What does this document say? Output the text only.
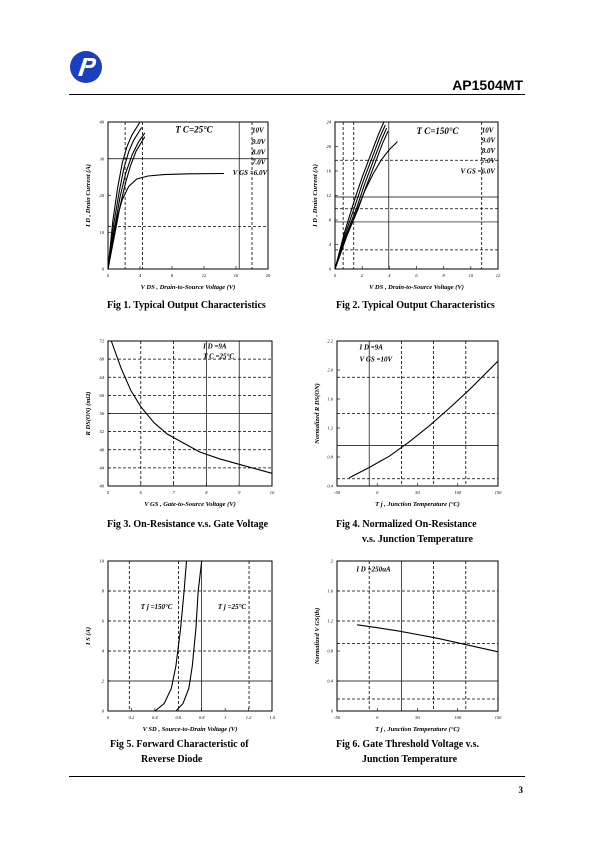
AP1504MT
0	4	8	12	16	20
0
10
20
30
40
V DS , Drain-to-Source Voltage (V)
I D , Drain Current (A)
T C=25°C	10V
9.0V
8.0V
7.0V
V GS =6.0V
0	2	4	6	8	10	12
0
4
8
12
16
20
24
V DS , Drain-to-Source Voltage (V)
I D , Drain Current (A)
T C=150°C	10V
9.0V
8.0V
7.0V
V GS =6.0V
5	6	7	8	9	10
40
44
48
52
56
60
64
68
72
V GS , Gate-to-Source Voltage (V)
R DS(ON) (mΩ)
I D =9A
T C =25°C
-50	0	50	100	150
0.4
0.8
1.2
1.6
2.0
2.2
T j , Junction Temperature (°C)
Normalized R DS(ON)
I D =9A
V GS =10V
0	0.2	0.4	0.6	0.8	1	1.2	1.4
0
2
4
6
8
10
V SD , Source-to-Drain Voltage (V)
I S (A)
T j =150°C	T j =25°C
-50	0	50	100	150
0
0.4
0.8
1.2
1.6
2
T j , Junction Temperature (°C)
Normalized V GS(th)
I D =250uA
Fig 1. Typical Output Characteristics	Fig 2. Typical Output Characteristics
Fig 3. On-Resistance v.s. Gate Voltage	Fig 4. Normalized On-Resistance
v.s. Junction Temperature
Fig 5. Forward Characteristic of
Reverse Diode
Fig 6. Gate Threshold Voltage v.s.
Junction Temperature
3
